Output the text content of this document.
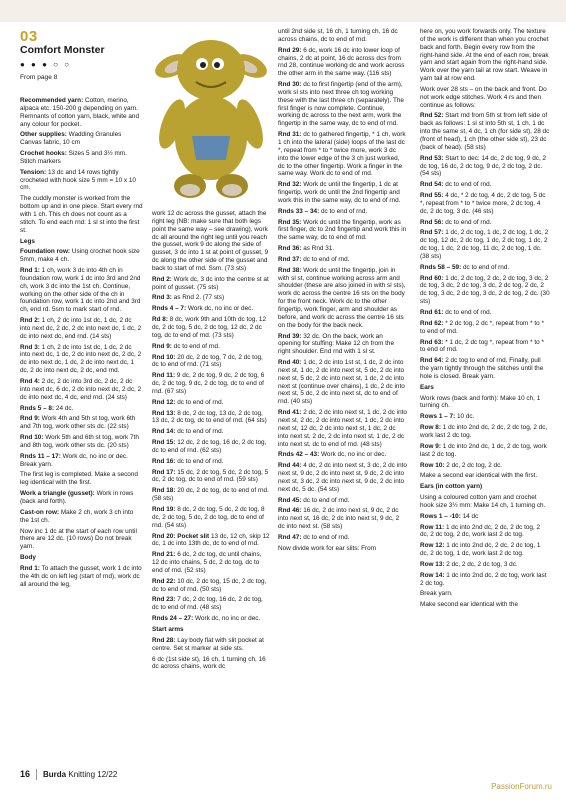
03
Comfort Monster
● ● ● ○ ○
From page 8

Recommended yarn: Cotton, merino, alpaca etc. 150-200 g depending on yarn. Remnants of cotton yarn, black, white and any colour for pocket.

Other supplies: Wadding Granules Canvas fabric, 10 cm

Crochet hooks: Sizes 5 and 3½ mm. Stitch markers

Tension: 13 dc and 14 rows tightly crocheted with hook size 5 mm = 10 x 10 cm.

The cuddly monster is worked from the bottom up and in one piece. Start every rnd with 1 ch. This ch does not count as a stitch. To end each rnd: 1 sl st into the first st.

Legs

Foundation row: Using crochet hook size 5mm, make 4 ch.

Rnd 1: 1 ch, work 3 dc into 4th ch in foundation row, work 1 dc into 3rd and 2nd ch, work 3 dc into the 1st ch. Continue, working on the other side of the ch in foundation row, work 1 dc into 2nd and 3rd ch, end rd. 5sm to mark start of rnd.

Rnd 2: 1 ch, 2 dc into 1st dc, 1 dc, 2 dc into next dc, 2 dc, 2 dc into next dc, 1 dc, 2 dc into next dc, end rnd. (14 sts)

Rnd 3: 1 ch, 2 dc into 1st dc, 1 dc, 2 dc into next dc, 1 dc, 2 dc into next dc, 2 dc, 2 dc into next dc, 1 dc, 2 dc into next dc, 1 dc, 2 dc into next dc, 2 dc, end rnd.

Rnd 4: 2 dc, 2 dc into 3rd dc, 2 dc, 2 dc into next dc, 6 dc, 2 dc into next dc, 2 dc, 2 dc into next dc, 4 dc, end rnd. (24 sts)

Rnds 5 – 8: 24 dc.

Rnd 9: Work 4th and 5th st tog, work 6th and 7th tog, work other sts dc. (22 sts)

Rnd 10: Work 5th and 6th st tog, work 7th and 8th tog, work other sts dc. (20 sts)

Rnds 11 – 17: Work dc, no inc or dec. Break yarn.

The first leg is completed. Make a second leg identical with the first.

Work a triangle (gusset): Work in rows (back and forth).

Cast-on row: Make 2 ch, work 3 ch into the 1st ch.

Now inc 1 dc at the start of each row until there are 12 dc. (10 rows) Do not break yarn.

Body

Rnd 1: To attach the gusset, work 1 dc into the 4th dc on left leg (start of rnd), work dc all around the leg,

work 12 dc across the gusset, attach the right leg (NB: make sure that both legs point the same way – see drawing), work dc all around the right leg until you reach the gusset, work 9 dc along the side of gusset, 3 dc into 1 st at point of gusset, 9 dc along the other side of the gusset and back to start of rnd. Ssm. (73 sts)

Rnd 2: Work dc, 3 dc into the centre st at point of gusset. (75 sts)

Rnd 3: as Rnd 2. (77 sts)

Rnds 4 – 7: Work dc, no inc or dec.

Rd 8: 8 dc, work 9th and 10th dc tog, 12 dc, 2 dc tog, 5 dc, 2 dc tog, 12 dc, 2 dc tog, dc to end of rnd. (73 sts)

Rnd 9: dc to end of rnd.

Rnd 10: 20 dc, 2 dc tog, 7 dc, 2 dc tog, dc to end of rnd. (71 sts)

Rnd 11: 9 dc, 2 dc tog, 9 dc, 2 dc tog, 6 dc, 2 dc tog, 9 dc, 2 dc tog, dc to end of rnd. (67 sts)

Rnd 12: dc to end of rnd.

Rnd 13: 8 dc, 2 dc tog, 13 dc, 2 dc tog, 13 dc, 2 dc tog, dc to end of rnd. (64 sts)

Rnd 14: dc to end of rnd.

Rnd 15: 12 dc, 2 dc tog, 16 dc, 2 dc tog, dc to end of rnd. (62 sts)

Rnd 16: dc to end of rnd.

Rnd 17: 15 dc, 2 dc tog, 5 dc, 2 dc tog, 5 dc, 2 dc tog, dc to end of rnd. (59 sts)

Rnd 18: 20 dc, 2 dc tog, dc to end of rnd. (58 sts)

Rnd 19: 8 dc, 2 dc tog, 5 dc, 2 dc tog, 8 dc, 2 dc tog, 5 dc, 2 dc tog, dc to end of rnd. (54 sts)

Rnd 20: Pocket slit 13 dc, 12 ch, skip 12 dc, 1 dc into 13th dc, dc to end of rnd.

Rnd 21: 6 dc, 2 dc tog, dc until chains, 12 dc into chains, 5 dc, 2 dc tog, dc to end of rnd. (52 sts)

Rnd 22: 10 dc, 2 dc tog, 15 dc, 2 dc tog, dc to end of rnd. (50 sts)

Rnd 23: 7 dc, 2 dc tog, 16 dc, 2 dc tog, dc to end of rnd. (48 sts)

Rnds 24 – 27: Work dc, no inc or dec.

Start arms

Rnd 28: Lay body flat with slit pocket at centre. Set st marker at side sts.

6 dc (1st side st), 16 ch, 1 turning ch, 16 dc across chains, work dc

until 2nd side st, 16 ch, 1 turning ch, 16 dc across chains, dc to end of rnd.

Rnd 29: 6 dc, work 16 dc into lower loop of chains, 2 dc at point, 16 dc across dcs from rnd 28, continue working dc and work across the other arm in the same way. (116 sts)

Rnd 30: dc to first fingertip (end of the arm), work sl sts into next three ch tog working these with the last three ch (separately). The first finger is now complete. Continue, working dc across to the next arm, work the fingertip in the same way, dc to end of rnd.

Rnd 31: dc to gathered fingertip, * 1 ch, work 1 ch into the lateral (side) loops of the last dc *, repeat from * to * twice more, work 3 dc into the lower edge of the 3 ch just worked, dc to the other fingertip. Work a finger in the same way. Work dc to end of rnd.

Rnd 32: Work dc until the fingertip, 1 dc at fingertip, work dc until the 2nd fingertip and work this in the same way, dc to end of rnd.

Rnds 33 – 34: dc to end of rnd.

Rnd 35: Work dc until the fingertip, work as first finger, dc to 2nd fingertip and work this in the same way, dc to end of rnd.

Rnd 36: as Rnd 31.

Rnd 37: dc to end of rnd.

Rnd 38: Work dc until the fingertip, join in with sl st, continue working across arm and shoulder (these are also joined in with sl sts), work dc across the centre 16 sts on the body for the front neck. Work dc to the other fingertip, work finger, arm and shoulder as before, and work dc across the centre 16 sts on the body for the back neck.

Rnd 39: 32 dc. On the back, work an opening for stuffing: Make 12 ch from the right shoulder. End rnd with 1 sl st.

Rnd 40: 1 dc, 2 dc into 1st st, 1 dc, 2 dc into next st, 1 dc, 2 dc into next st, 5 dc, 2 dc into next st, 5 dc, 2 dc into next st, 1 dc, 2 dc into next st (continue over chains), 1 dc, 2 dc into next st, 5 dc, 2 dc into next st, dc to end of rnd. (40 sts)

Rnd 41: 2 dc, 2 dc into next st, 1 dc, 2 dc into next st, 2 dc, 2 dc into next st, 1 dc, 2 dc into next st, 12 dc, 2 dc into next st, 1 dc, 2 dc into next st, 2 dc, 2 dc into next st, 1 dc, 2 dc into next st, dc to end of rnd. (48 sts)

Rnds 42 – 43: Work dc, no inc or dec.

Rnd 44: 4 dc, 2 dc into next st, 3 dc, 2 dc into next st, 9 dc, 2 dc into next st, 9 dc, 2 dc into next st, 3 dc, 2 dc into next st, 9 dc, 2 dc into next dc, 5 dc. (54 sts)

Rnd 45: dc to end of rnd.

Rnd 46: 16 dc, 2 dc into next st, 9 dc, 2 dc into next st, 16 dc, 2 dc into next st, 9 dc, 2 dc into next st. (58 sts)

Rnd 47: dc to end of rnd.

Now divide work for ear slits: From

here on, you work forwards only. The texture of the work is different than when you crochet back and forth. Begin every row from the right-hand side. At the end of each row, break yarn and start again from the right-hand side. Work over the yarn tail at row start. Weave in yarn tail at row end.

Work over 28 sts – on the back and front. Do not work edge stitches. Work 4 rs and then continue as follows:

Rnd 52: Start rnd from 5th st from left side of back as follows: 1 sl st into 5th st, 1 ch, 1 dc into the same st, 4 dc, 1 ch (for side st), 28 dc (front of head), 1 ch (the other side st), 23 dc (back of head). (58 sts)

Rnd 53: Start to dec: 14 dc, 2 dc tog, 9 dc, 2 dc tog, 16 dc, 2 dc tog, 9 dc, 2 dc tog, 2 dc. (54 sts)

Rnd 54: dc to end of rnd.

Rnd 55: 4 dc, * 2 dc tog, 4 dc, 2 dc tog, 5 dc *, repeat from * to * twice more, 2 dc tog, 4 dc, 2 dc tog, 3 dc. (46 sts)

Rnd 56: dc to end of rnd.

Rnd 57: 1 dc, 2 dc tog, 1 dc, 2 dc tog, 1 dc, 2 dc tog, 12 dc, 2 dc tog, 1 dc, 2 dc tog, 1 dc, 2 dc tog, 1 dc, 2 dc tog, 11 dc, 2 dc tog, 1 dc. (38 sts)

Rnds 58 – 59: dc to end of rnd.

Rnd 60: 1 dc, 2 dc tog, 2 dc, 2 dc tog, 3 dc, 2 dc tog, 3 dc, 2 dc tog, 3 dc, 2 dc tog, 2 dc, 2 dc tog, 3 dc, 2 dc tog, 3 dc, 2 dc tog, 2 dc. (30 sts)

Rnd 61: dc to end of rnd.

Rnd 62: * 2 dc tog, 2 dc *, repeat from * to * to end of rnd.

Rnd 63: * 1 dc, 2 dc tog *, repeat from * to * to end of rnd.

Rnd 64: 2 dc tog to end of rnd. Finally, pull the yarn tightly through the stitches until the hole is closed. Break yarn.

Ears

Work rows (back and forth): Make 10 ch, 1 turning ch.

Rows 1 – 7: 10 dc.

Row 8: 1 dc into 2nd dc, 2 dc, 2 dc tog, 2 dc, work last 2 dc tog.

Row 9: 1 dc into 2nd dc, 1 dc, 2 dc tog, work last 2 dc tog.

Row 10: 2 dc, 2 dc tog, 2 dc.

Make a second ear identical with the first.

Ears (in cotton yarn)

Using a coloured cotton yarn and crochet hook size 3½ mm: Make 14 ch, 1 turning ch.

Rows 1 – -10: 14 dc

Row 11: 1 dc into 2nd dc, 2 dc, 2 dc tog, 2 dc, 2 dc tog, 2 dc, work last 2 dc tog.

Row 12: 1 dc into 2nd dc, 2 dc, 2 dc tog, 1 dc, 2 dc tog, 1 dc, work last 2 dc tog.

Row 13: 2 dc, 2 dc, 2 dc tog, 3 dc.

Row 14: 1 dc into 2nd dc, 2 dc tog, work last 2 dc tog.

Break yarn.

Make second ear identical with the

16 Burda Knitting 12/22
PassionForum.ru
